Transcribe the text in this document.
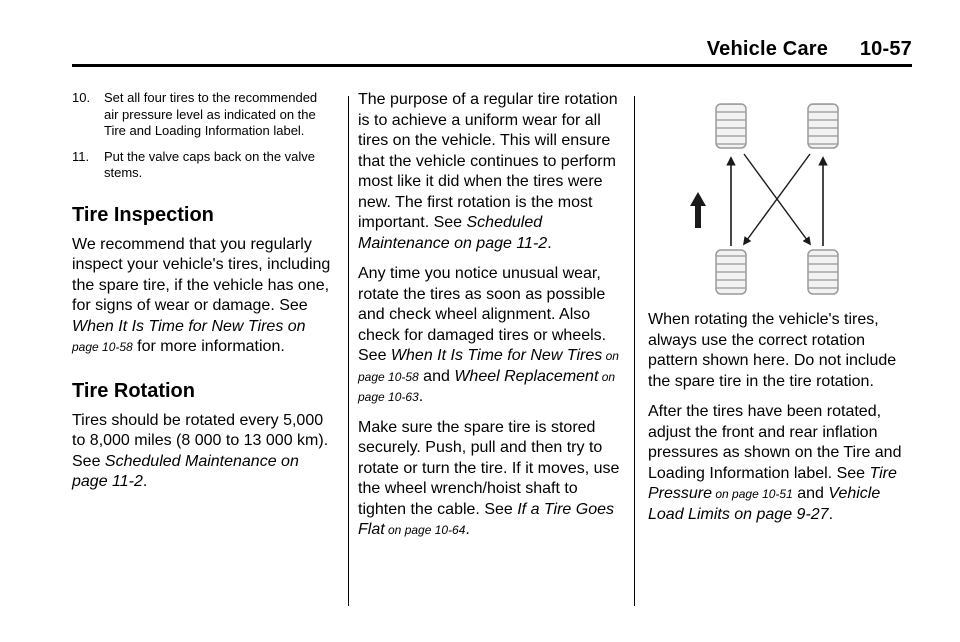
Vehicle Care 10-57
10. Set all four tires to the recommended air pressure level as indicated on the Tire and Loading Information label.
11. Put the valve caps back on the valve stems.
Tire Inspection

We recommend that you regularly inspect your vehicle's tires, including the spare tire, if the vehicle has one, for signs of wear or damage. See When It Is Time for New Tires on page 10-58 for more information.

Tire Rotation

Tires should be rotated every 5,000 to 8,000 miles (8 000 to 13 000 km). See Scheduled Maintenance on page 11-2.

The purpose of a regular tire rotation is to achieve a uniform wear for all tires on the vehicle. This will ensure that the vehicle continues to perform most like it did when the tires were new. The first rotation is the most important. See Scheduled Maintenance on page 11-2.

Any time you notice unusual wear, rotate the tires as soon as possible and check wheel alignment. Also check for damaged tires or wheels. See When It Is Time for New Tires on page 10-58 and Wheel Replacement on page 10-63.

Make sure the spare tire is stored securely. Push, pull and then try to rotate or turn the tire. If it moves, use the wheel wrench/hoist shaft to tighten the cable. See If a Tire Goes Flat on page 10-64.

When rotating the vehicle's tires, always use the correct rotation pattern shown here. Do not include the spare tire in the tire rotation.

After the tires have been rotated, adjust the front and rear inflation pressures as shown on the Tire and Loading Information label. See Tire Pressure on page 10-51 and Vehicle Load Limits on page 9-27.
